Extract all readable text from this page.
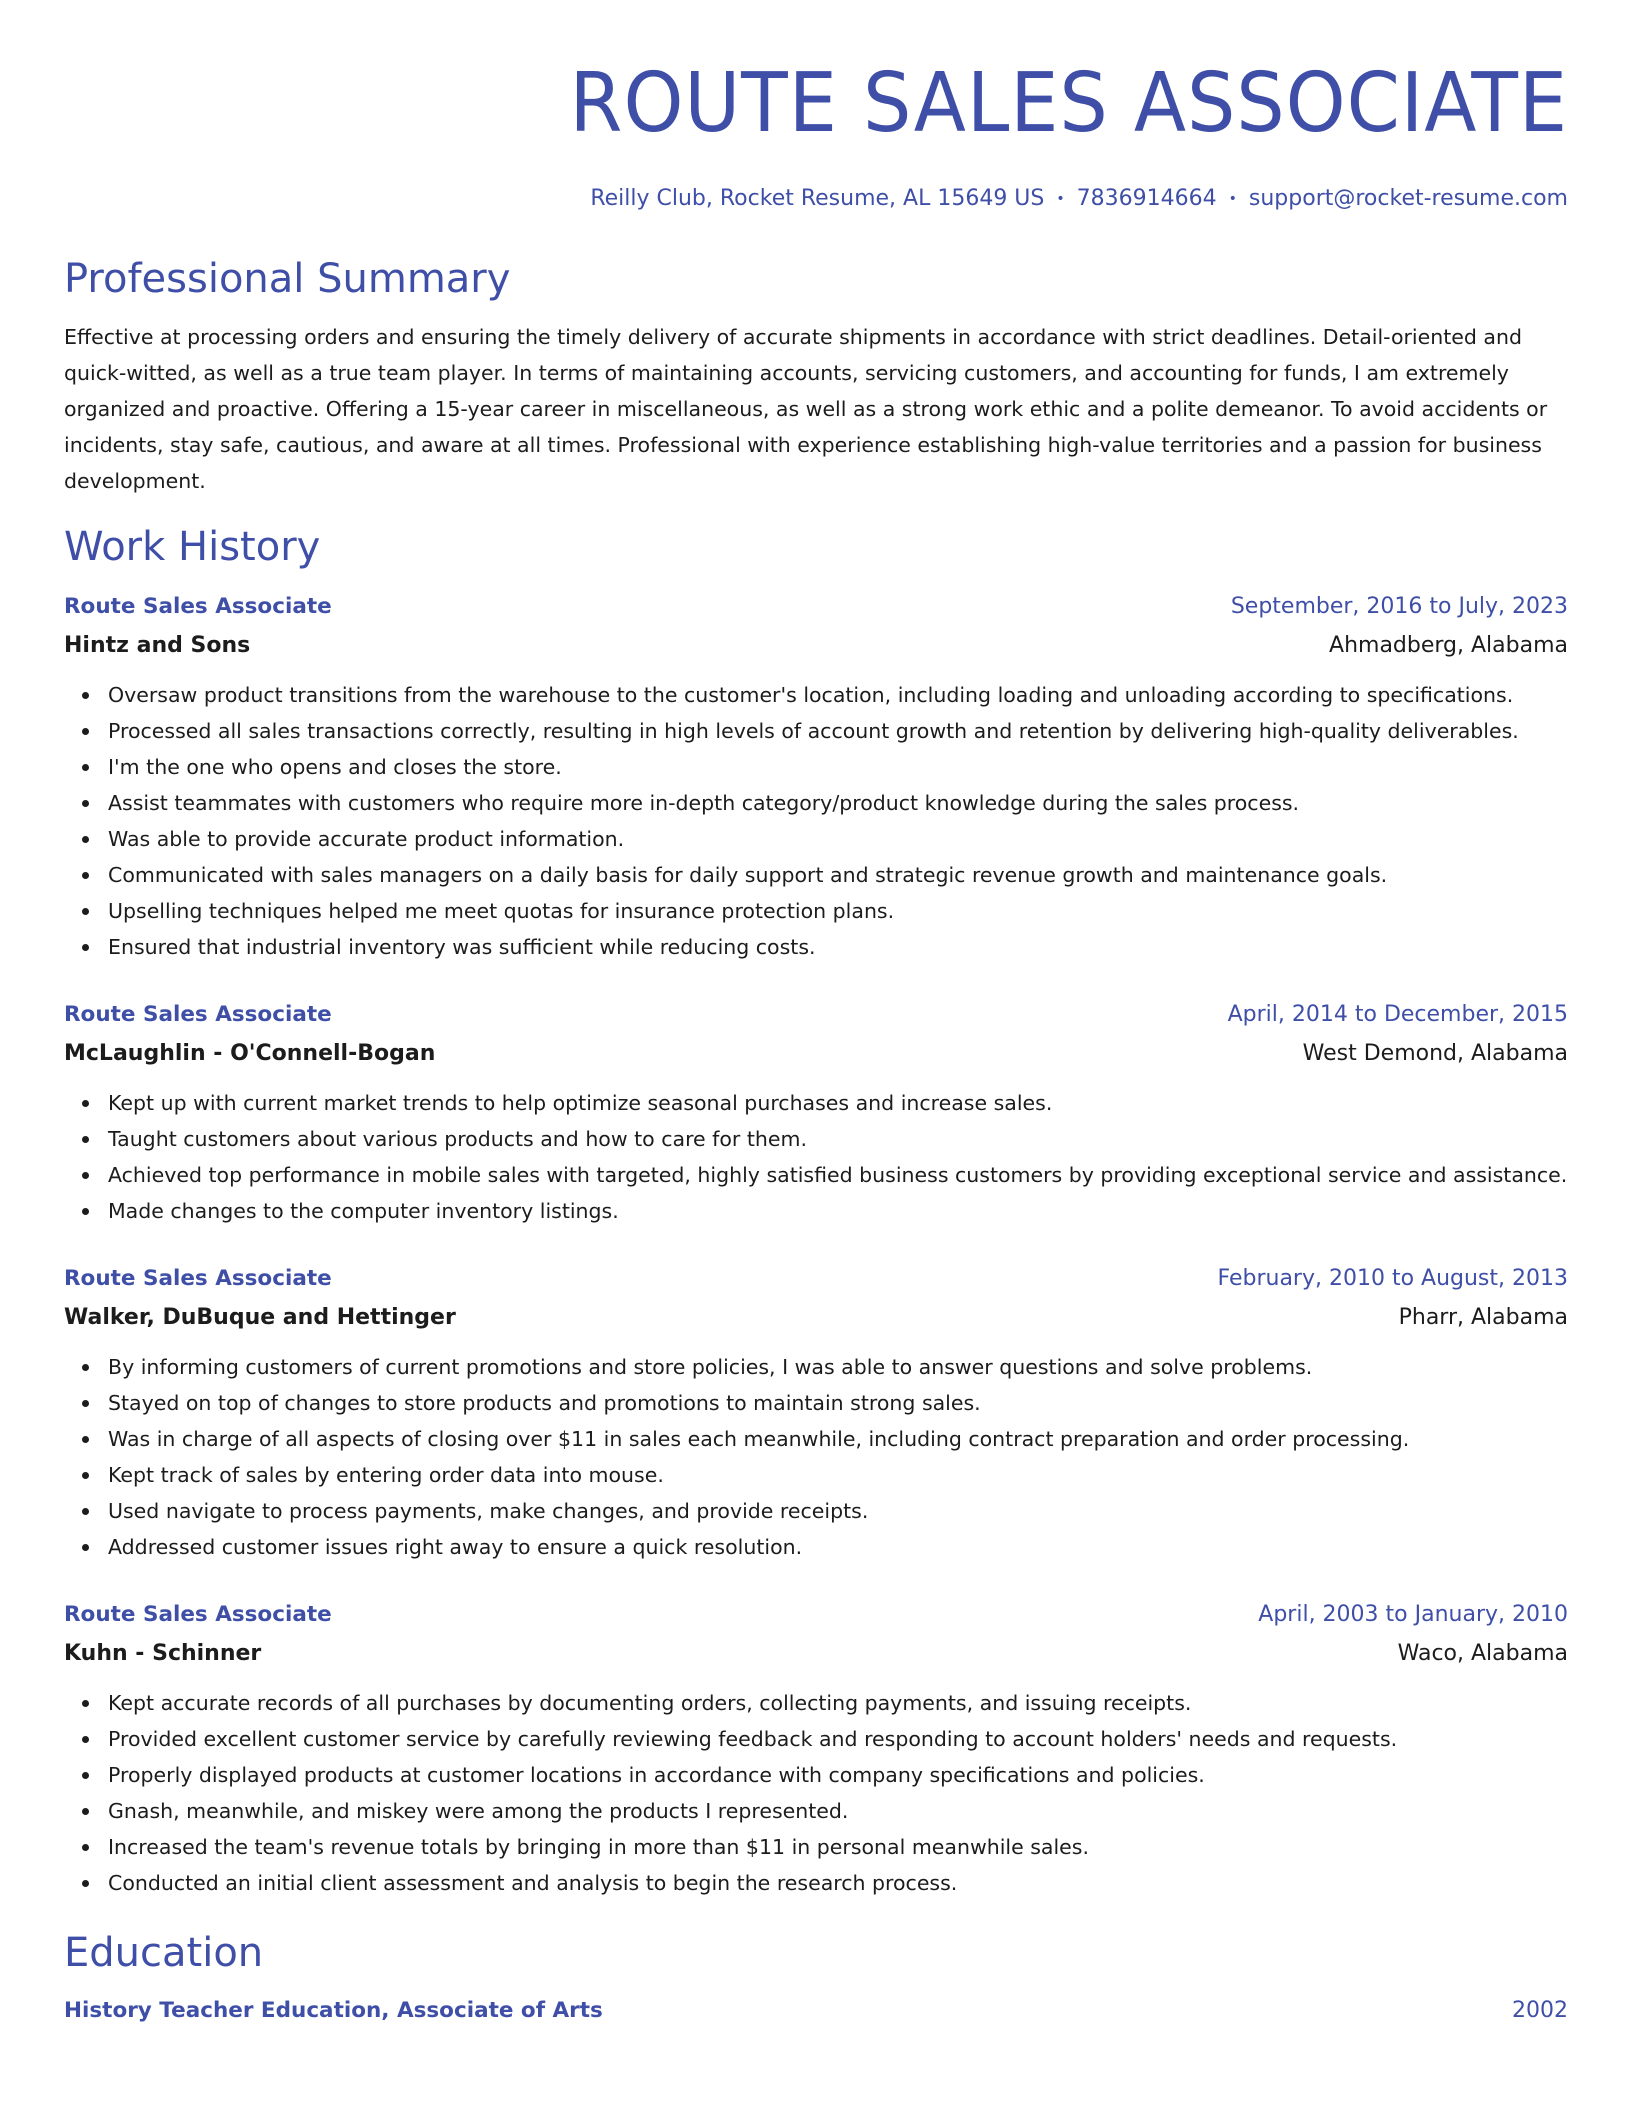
ROUTE SALES ASSOCIATE
Reilly Club, Rocket Resume, AL 15649 US • 7836914664 • support@rocket-resume.com
Professional Summary
Effective at processing orders and ensuring the timely delivery of accurate shipments in accordance with strict deadlines. Detail-oriented and quick-witted, as well as a true team player. In terms of maintaining accounts, servicing customers, and accounting for funds, I am extremely organized and proactive. Offering a 15-year career in miscellaneous, as well as a strong work ethic and a polite demeanor. To avoid accidents or incidents, stay safe, cautious, and aware at all times. Professional with experience establishing high-value territories and a passion for business development.
Work History
Route Sales Associate	September, 2016 to July, 2023
Hintz and Sons	Ahmadberg, Alabama
Oversaw product transitions from the warehouse to the customer's location, including loading and unloading according to specifications.
Processed all sales transactions correctly, resulting in high levels of account growth and retention by delivering high-quality deliverables.
I'm the one who opens and closes the store.
Assist teammates with customers who require more in-depth category/product knowledge during the sales process.
Was able to provide accurate product information.
Communicated with sales managers on a daily basis for daily support and strategic revenue growth and maintenance goals.
Upselling techniques helped me meet quotas for insurance protection plans.
Ensured that industrial inventory was sufficient while reducing costs.
Route Sales Associate	April, 2014 to December, 2015
McLaughlin - O'Connell-Bogan	West Demond, Alabama
Kept up with current market trends to help optimize seasonal purchases and increase sales.
Taught customers about various products and how to care for them.
Achieved top performance in mobile sales with targeted, highly satisfied business customers by providing exceptional service and assistance.
Made changes to the computer inventory listings.
Route Sales Associate	February, 2010 to August, 2013
Walker, DuBuque and Hettinger	Pharr, Alabama
By informing customers of current promotions and store policies, I was able to answer questions and solve problems.
Stayed on top of changes to store products and promotions to maintain strong sales.
Was in charge of all aspects of closing over $11 in sales each meanwhile, including contract preparation and order processing.
Kept track of sales by entering order data into mouse.
Used navigate to process payments, make changes, and provide receipts.
Addressed customer issues right away to ensure a quick resolution.
Route Sales Associate	April, 2003 to January, 2010
Kuhn - Schinner	Waco, Alabama
Kept accurate records of all purchases by documenting orders, collecting payments, and issuing receipts.
Provided excellent customer service by carefully reviewing feedback and responding to account holders' needs and requests.
Properly displayed products at customer locations in accordance with company specifications and policies.
Gnash, meanwhile, and miskey were among the products I represented.
Increased the team's revenue totals by bringing in more than $11 in personal meanwhile sales.
Conducted an initial client assessment and analysis to begin the research process.
Education
History Teacher Education, Associate of Arts	2002
